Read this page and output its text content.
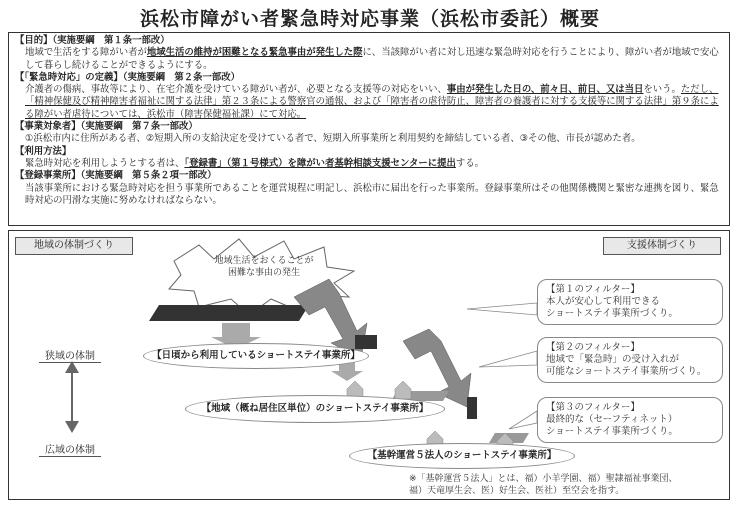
浜松市障がい者緊急時対応事業（浜松市委託）概要
【目的】（実施要綱　第１条一部改）
地域で生活をする障がい者が地域生活の維持が困難となる緊急事由が発生した際に、当該障がい者に対し迅速な緊急時対応を行うことにより、障がい者が地域で安心して暮らし続けることができるようにする。
【「緊急時対応」の定義】（実施要綱　第２条一部改）
介護者の傷病、事故等により、在宅介護を受けている障がい者が、必要となる支援等の対応をいい、事由が発生した日の、前々日、前日、又は当日をいう。ただし、「精神保健及び精神障害者福祉に関する法律」第２３条による警察官の通報、および「障害者の虐待防止、障害者の養護者に対する支援等に関する法律」第９条による障がい者虐待については、浜松市（障害保健福祉課）にて対応。
【事業対象者】（実施要綱　第７条一部改）
①浜松市内に住所がある者、②短期入所の支給決定を受けている者で、短期入所事業所と利用契約を締結している者、③その他、市長が認めた者。
【利用方法】
緊急時対応を利用しようとする者は、「登録書」（第１号様式）を障がい者基幹相談支援センターに提出する。
【登録事業所】（実施要綱　第５条２項一部改）
当該事業所における緊急時対応を担う事業所であることを運営規程に明記し、浜松市に届出を行った事業所。登録事業所はその他関係機関と緊密な連携を図り、緊急時対応の円滑な実施に努めなければならない。
地域の体制づくり	支援体制づくり
地域生活をおくることが
困難な事由の発生
狭域の体制
広域の体制
【日頃から利用しているショートステイ事業所】
【地域（概ね居住区単位）のショートステイ事業所】
【基幹運営５法人のショートステイ事業所】
【第１のフィルター】
本人が安心して利用できる
ショートステイ事業所づくり。
【第２のフィルター】
地域で「緊急時」の受け入れが
可能なショートステイ事業所づくり。
【第３のフィルター】
最終的な（セーフティネット）
ショートステイ事業所づくり。
※「基幹運営５法人」とは、福）小羊学園、福）聖隷福祉事業団、
福）天竜厚生会、医）好生会、医社）至空会を指す。
